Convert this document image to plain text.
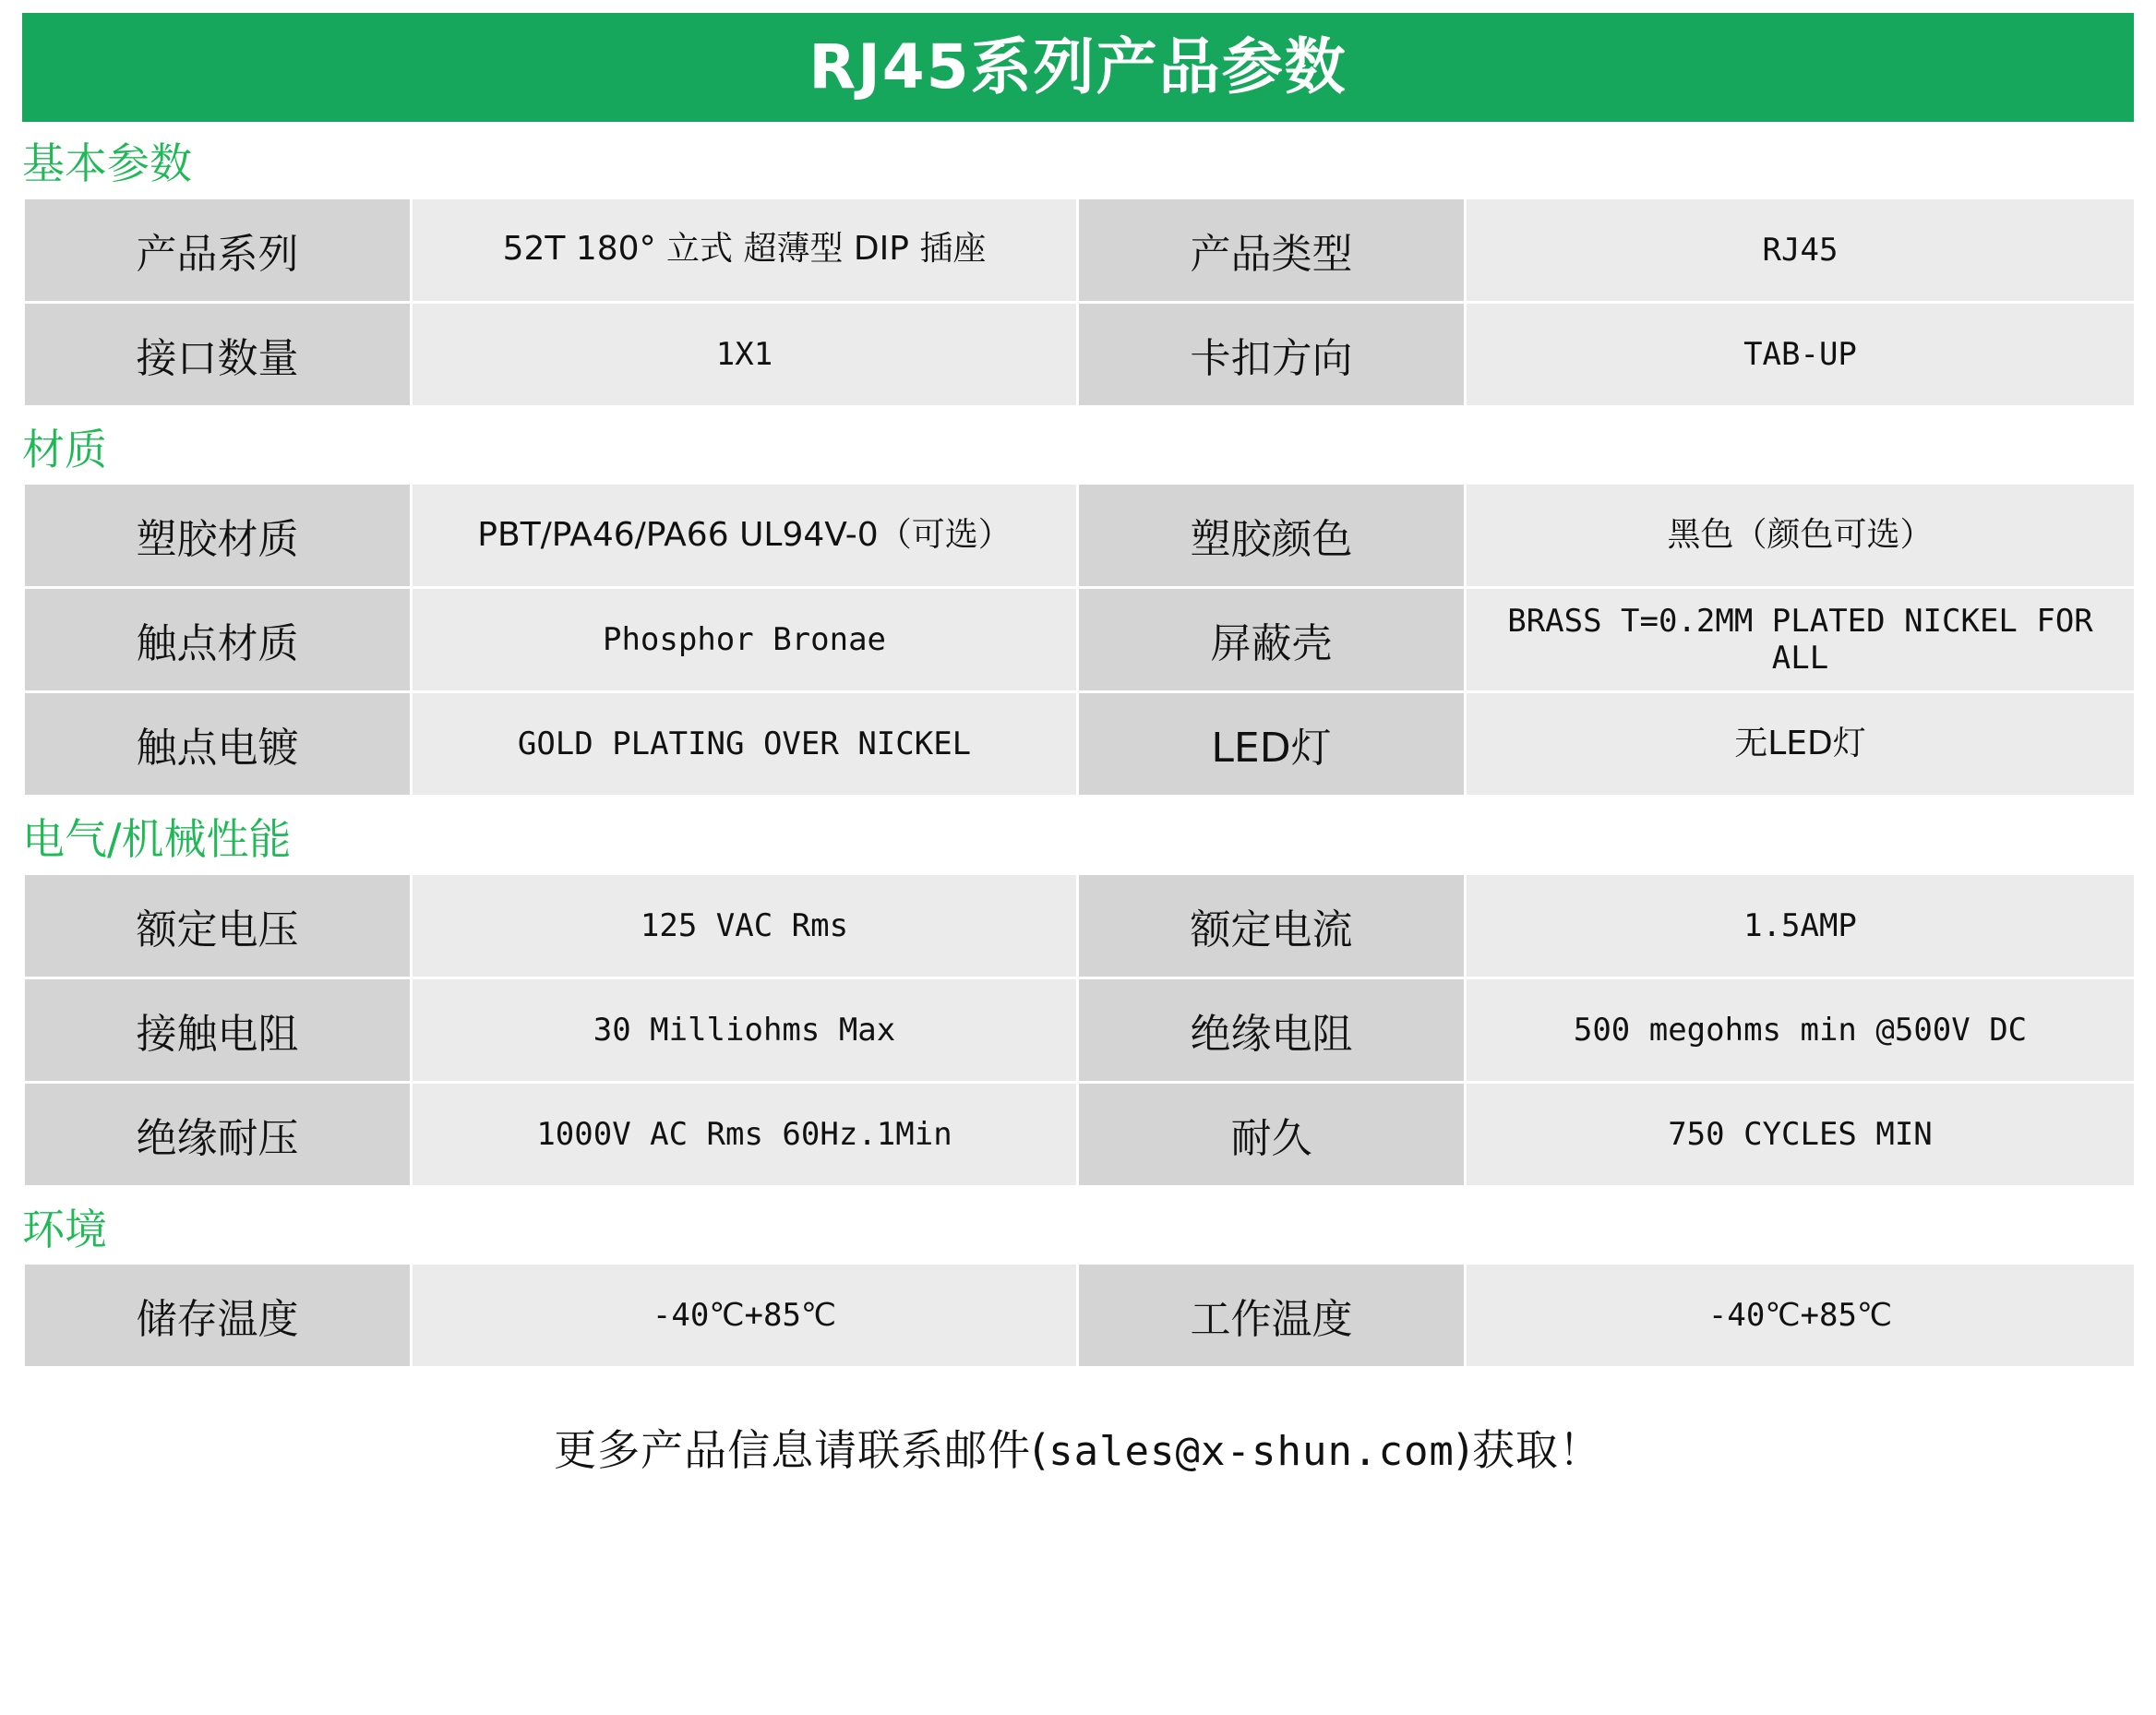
RJ45系列产品参数
基本参数
产品系列	52T 180° 立式 超薄型 DIP 插座	产品类型	RJ45
接口数量	1X1	卡扣方向	TAB-UP
材质
塑胶材质	PBT/PA46/PA66 UL94V-0（可选）	塑胶颜色	黑色（颜色可选）
触点材质	Phosphor Bronae	屏蔽壳	BRASS T=0.2MM PLATED NICKEL FOR ALL
触点电镀	GOLD PLATING OVER NICKEL	LED灯	无LED灯
电气/机械性能
额定电压	125 VAC Rms	额定电流	1.5AMP
接触电阻	30 Milliohms Max	绝缘电阻	500 megohms min @500V DC
绝缘耐压	1000V AC Rms 60Hz.1Min	耐久	750 CYCLES MIN
环境
储存温度	-40℃+85℃	工作温度	-40℃+85℃
更多产品信息请联系邮件(sales@x-shun.com)获取！
